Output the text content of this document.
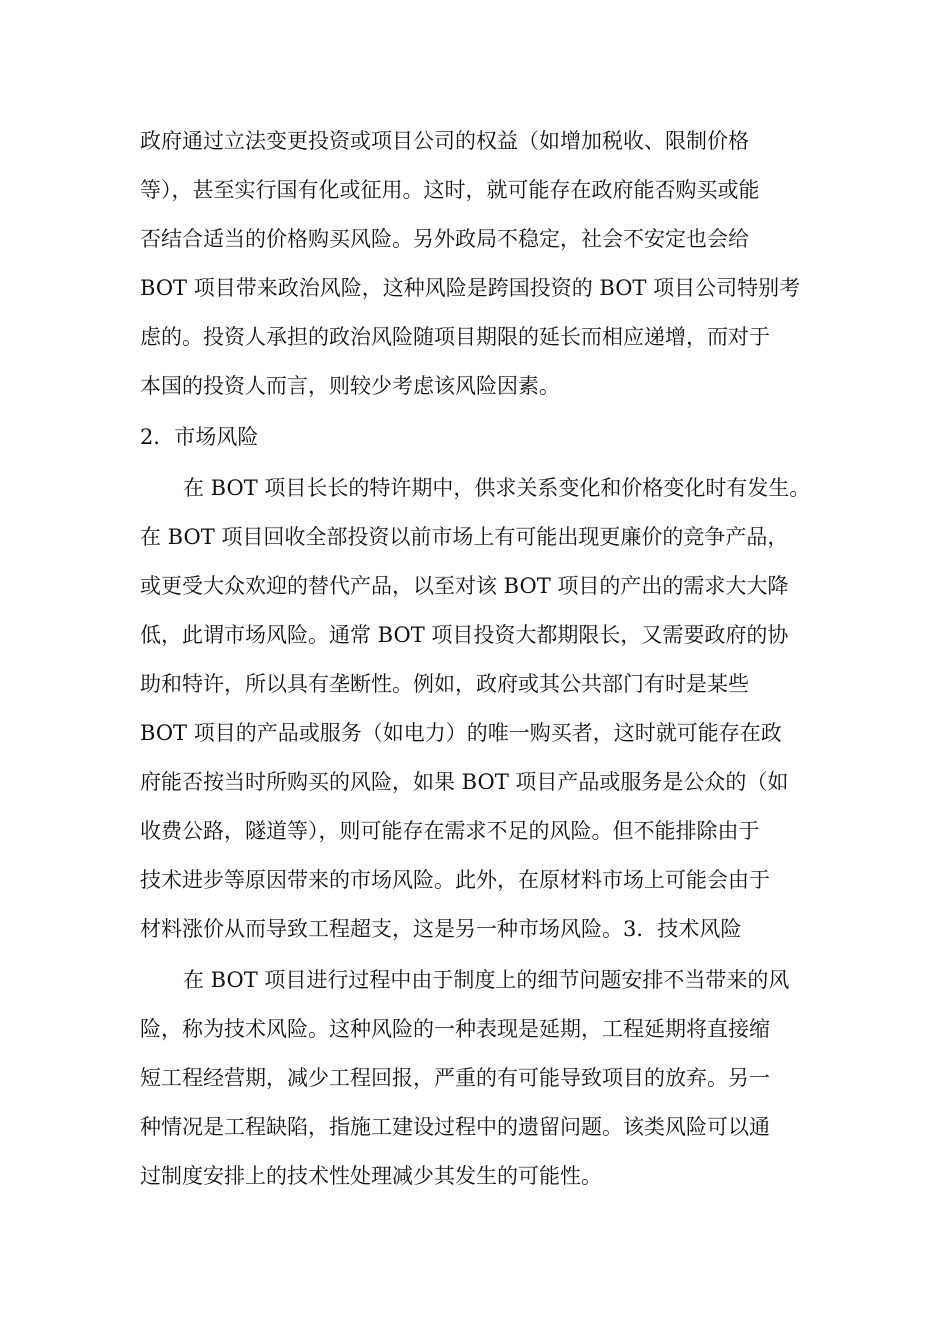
政府通过立法变更投资或项目公司的权益（如增加税收、限制价格
等），甚至实行国有化或征用。这时，就可能存在政府能否购买或能
否结合适当的价格购买风险。另外政局不稳定，社会不安定也会给
BOT 项目带来政治风险，这种风险是跨国投资的 BOT 项目公司特别考
虑的。投资人承担的政治风险随项目期限的延长而相应递增，而对于
本国的投资人而言，则较少考虑该风险因素。
2．市场风险
在 BOT 项目长长的特许期中，供求关系变化和价格变化时有发生。
在 BOT 项目回收全部投资以前市场上有可能出现更廉价的竞争产品，
或更受大众欢迎的替代产品，以至对该 BOT 项目的产出的需求大大降
低，此谓市场风险。通常 BOT 项目投资大都期限长，又需要政府的协
助和特许，所以具有垄断性。例如，政府或其公共部门有时是某些
BOT 项目的产品或服务（如电力）的唯一购买者，这时就可能存在政
府能否按当时所购买的风险，如果 BOT 项目产品或服务是公众的（如
收费公路，隧道等），则可能存在需求不足的风险。但不能排除由于
技术进步等原因带来的市场风险。此外，在原材料市场上可能会由于
材料涨价从而导致工程超支，这是另一种市场风险。3．技术风险
在 BOT 项目进行过程中由于制度上的细节问题安排不当带来的风
险，称为技术风险。这种风险的一种表现是延期，工程延期将直接缩
短工程经营期，减少工程回报，严重的有可能导致项目的放弃。另一
种情况是工程缺陷，指施工建设过程中的遗留问题。该类风险可以通
过制度安排上的技术性处理减少其发生的可能性。
